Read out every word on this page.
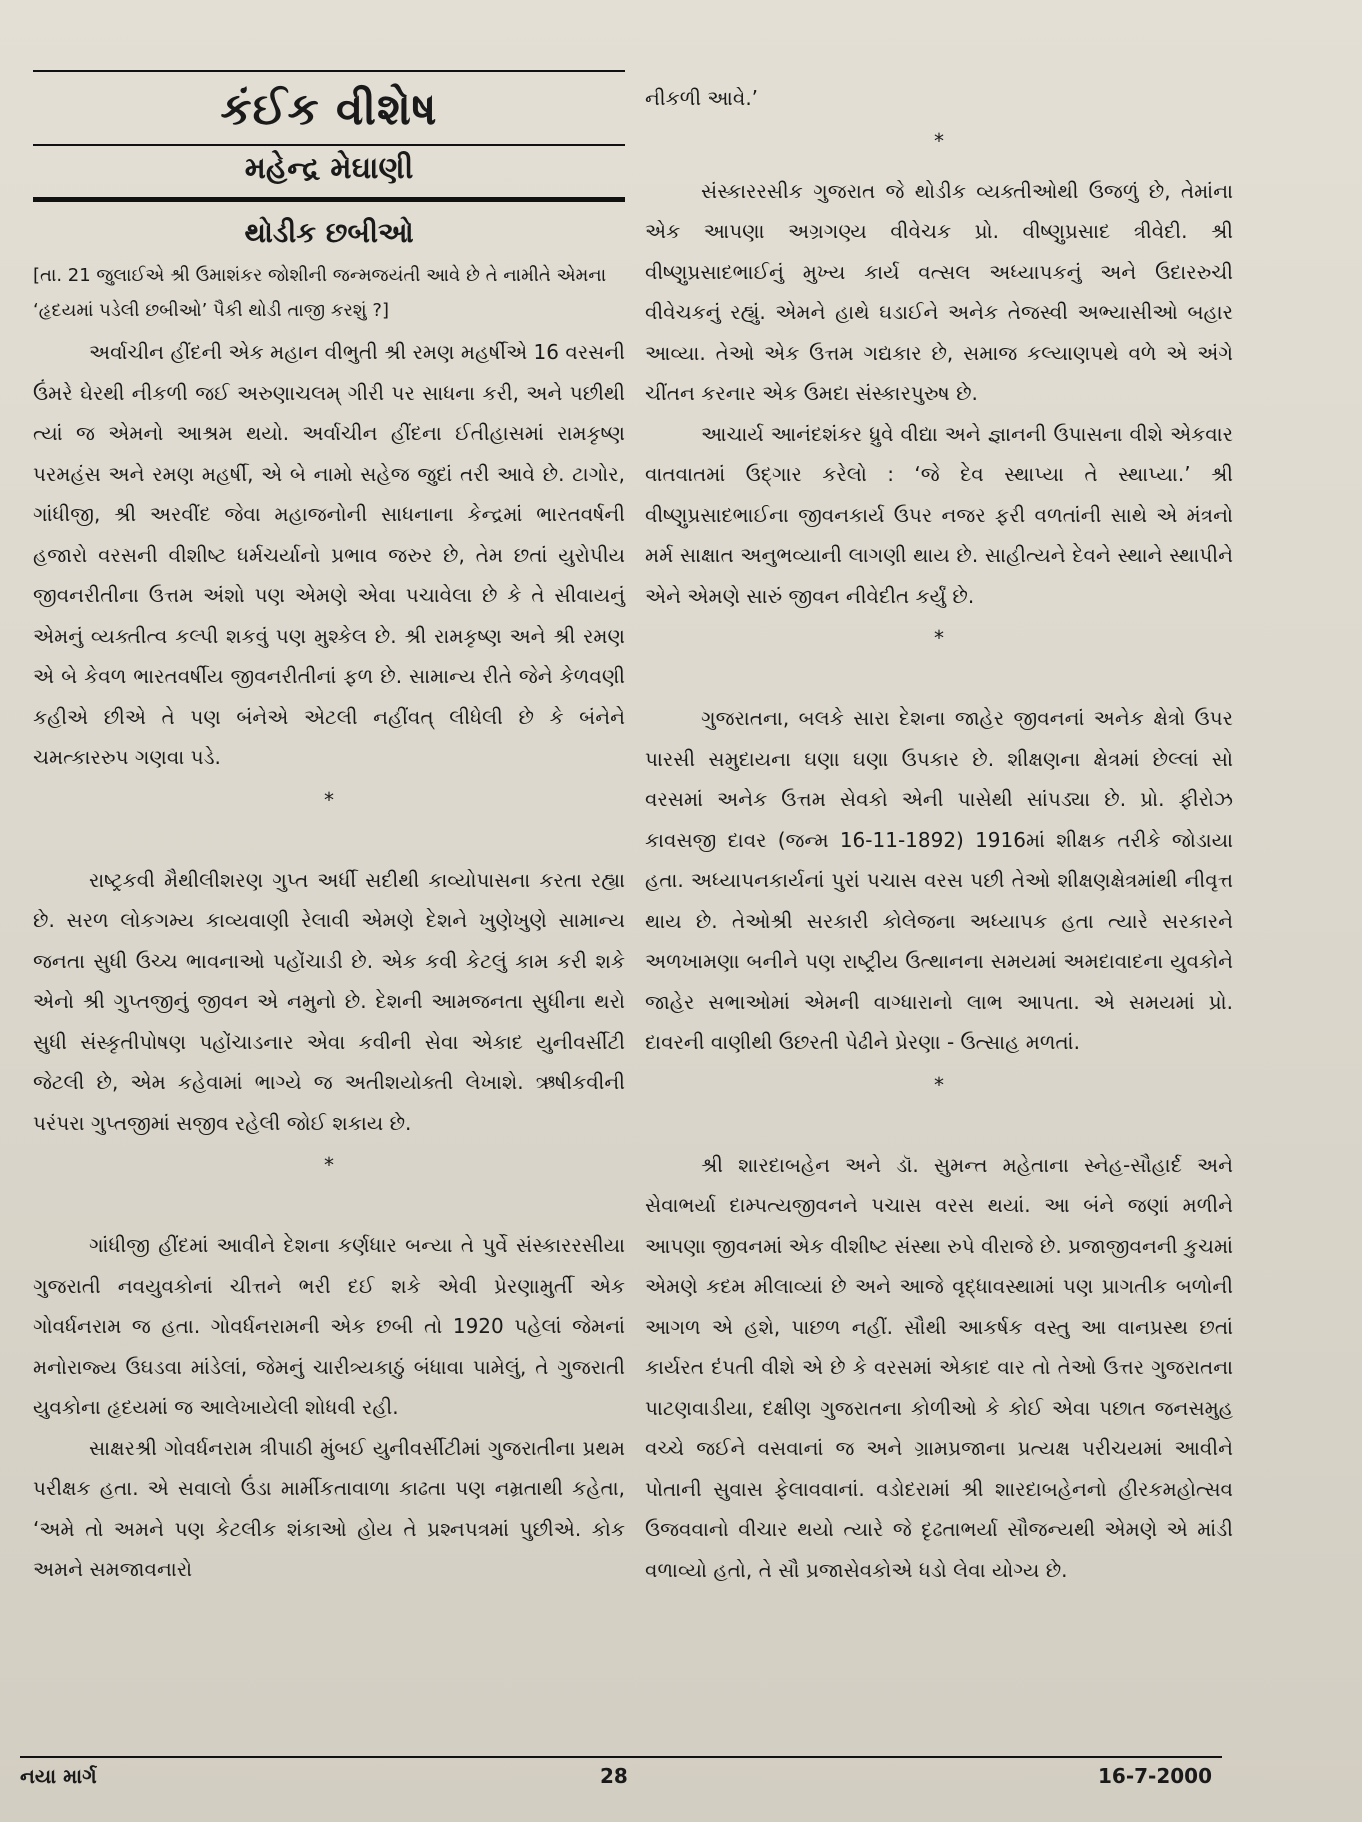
કંઈક વીશેષ
મહેન્દ્ર મેઘાણી
થોડીક છબીઓ
[તા. 21 જુલાઈએ શ્રી ઉમાશંકર જોશીની જન્મજયંતી આવે છે તે નામીતે એમના ‘હૃદયમાં પડેલી છબીઓ’ પૈકી થોડી તાજી કરશું ?]

અર્વાચીન હીંદની એક મહાન વીભુતી શ્રી રમણ મહર્ષીએ 16 વરસની ઉંમરે ઘેરથી નીકળી જઈ અરુણાચલમ્ ગીરી પર સાધના કરી, અને પછીથી ત્યાં જ એમનો આશ્રમ થયો. અર્વાચીન હીંદના ઈતીહાસમાં રામકૃષ્ણ પરમહંસ અને રમણ મહર્ષી, એ બે નામો સહેજ જુદાં તરી આવે છે. ટાગોર, ગાંધીજી, શ્રી અરવીંદ જેવા મહાજનોની સાધનાના કેન્દ્રમાં ભારતવર્ષની હજારો વરસની વીશીષ્ટ ધર્મચર્યાનો પ્રભાવ જરુર છે, તેમ છતાં યુરોપીય જીવનરીતીના ઉત્તમ અંશો પણ એમણે એવા પચાવેલા છે કે તે સીવાયનું એમનું વ્યક્તીત્વ કલ્પી શકવું પણ મુશ્કેલ છે. શ્રી રામકૃષ્ણ અને શ્રી રમણ એ બે કેવળ ભારતવર્ષીય જીવનરીતીનાં ફળ છે. સામાન્ય રીતે જેને કેળવણી કહીએ છીએ તે પણ બંનેએ એટલી નહીંવત્ લીધેલી છે કે બંનેને ચમત્કારરુપ ગણવા પડે.

*

રાષ્ટ્રકવી મૈથીલીશરણ ગુપ્ત અર્ધી સદીથી કાવ્યોપાસના કરતા રહ્યા છે. સરળ લોકગમ્ય કાવ્યવાણી રેલાવી એમણે દેશને ખુણેખુણે સામાન્ય જનતા સુધી ઉચ્ચ ભાવનાઓ પહોંચાડી છે. એક કવી કેટલું કામ કરી શકે એનો શ્રી ગુપ્તજીનું જીવન એ નમુનો છે. દેશની આમજનતા સુધીના થરો સુધી સંસ્કૃતીપોષણ પહોંચાડનાર એવા કવીની સેવા એકાદ યુનીવર્સીટી જેટલી છે, એમ કહેવામાં ભાગ્યે જ અતીશયોક્તી લેખાશે. ઋષીકવીની પરંપરા ગુપ્તજીમાં સજીવ રહેલી જોઈ શકાય છે.

*

ગાંધીજી હીંદમાં આવીને દેશના કર્ણધાર બન્યા તે પુર્વે સંસ્કારરસીયા ગુજરાતી નવયુવકોનાં ચીત્તને ભરી દઈ શકે એવી પ્રેરણામુર્તી એક ગોવર્ધનરામ જ હતા. ગોવર્ધનરામની એક છબી તો 1920 પહેલાં જેમનાં મનોરાજ્ય ઉઘડવા માંડેલાં, જેમનું ચારીત્ર્યકાઠું બંધાવા પામેલું, તે ગુજરાતી યુવકોના હૃદયમાં જ આલેખાયેલી શોધવી રહી.

સાક્ષરશ્રી ગોવર્ધનરામ ત્રીપાઠી મુંબઈ યુનીવર્સીટીમાં ગુજરાતીના પ્રથમ પરીક્ષક હતા. એ સવાલો ઉંડા માર્મીકતાવાળા કાઢતા પણ નમ્રતાથી કહેતા, ‘અમે તો અમને પણ કેટલીક શંકાઓ હોય તે પ્રશ્નપત્રમાં પુછીએ. કોક અમને સમજાવનારો

નીકળી આવે.’

*

સંસ્કારરસીક ગુજરાત જે થોડીક વ્યક્તીઓથી ઉજળું છે, તેમાંના એક આપણા અગ્રગણ્ય વીવેચક પ્રો. વીષ્ણુપ્રસાદ ત્રીવેદી. શ્રી વીષ્ણુપ્રસાદભાઈનું મુખ્ય કાર્ય વત્સલ અધ્યાપકનું અને ઉદારરુચી વીવેચકનું રહ્યું. એમને હાથે ઘડાઈને અનેક તેજસ્વી અભ્યાસીઓ બહાર આવ્યા. તેઓ એક ઉત્તમ ગદ્યકાર છે, સમાજ કલ્યાણપથે વળે એ અંગે ચીંતન કરનાર એક ઉમદા સંસ્કારપુરુષ છે.

આચાર્ય આનંદશંકર ધ્રુવે વીદ્યા અને જ્ઞાનની ઉપાસના વીશે એકવાર વાતવાતમાં ઉદ્ગાર કરેલો : ‘જે દેવ સ્થાપ્યા તે સ્થાપ્યા.’ શ્રી વીષ્ણુપ્રસાદભાઈના જીવનકાર્ય ઉપર નજર ફરી વળતાંની સાથે એ મંત્રનો મર્મ સાક્ષાત અનુભવ્યાની લાગણી થાય છે. સાહીત્યને દેવને સ્થાને સ્થાપીને એને એમણે સારું જીવન નીવેદીત કર્યું છે.

*

ગુજરાતના, બલકે સારા દેશના જાહેર જીવનનાં અનેક ક્ષેત્રો ઉપર પારસી સમુદાયના ઘણા ઘણા ઉપકાર છે. શીક્ષણના ક્ષેત્રમાં છેલ્લાં સો વરસમાં અનેક ઉત્તમ સેવકો એની પાસેથી સાંપડ્યા છે. પ્રો. ફીરોઝ કાવસજી દાવર (જન્મ 16-11-1892) 1916માં શીક્ષક તરીકે જોડાયા હતા. અધ્યાપનકાર્યનાં પુરાં પચાસ વરસ પછી તેઓ શીક્ષણક્ષેત્રમાંથી નીવૃત્ત થાય છે. તેઓશ્રી સરકારી કોલેજના અધ્યાપક હતા ત્યારે સરકારને અળખામણા બનીને પણ રાષ્ટ્રીય ઉત્થાનના સમયમાં અમદાવાદના યુવકોને જાહેર સભાઓમાં એમની વાગ્ધારાનો લાભ આપતા. એ સમયમાં પ્રો. દાવરની વાણીથી ઉછરતી પેઢીને પ્રેરણા - ઉત્સાહ મળતાં.

*

શ્રી શારદાબહેન અને ડૉ. સુમન્ત મહેતાના સ્નેહ-સૌહાર્દ અને સેવાભર્યા દામ્પત્યજીવનને પચાસ વરસ થયાં. આ બંને જણાં મળીને આપણા જીવનમાં એક વીશીષ્ટ સંસ્થા રુપે વીરાજે છે. પ્રજાજીવનની કુચમાં એમણે કદમ મીલાવ્યાં છે અને આજે વૃદ્ધાવસ્થામાં પણ પ્રાગતીક બળોની આગળ એ હશે, પાછળ નહીં. સૌથી આકર્ષક વસ્તુ આ વાનપ્રસ્થ છતાં કાર્યરત દંપતી વીશે એ છે કે વરસમાં એકાદ વાર તો તેઓ ઉત્તર ગુજરાતના પાટણવાડીયા, દક્ષીણ ગુજરાતના કોળીઓ કે કોઈ એવા પછાત જનસમુહ વચ્ચે જઈને વસવાનાં જ અને ગ્રામપ્રજાના પ્રત્યક્ષ પરીચયમાં આવીને પોતાની સુવાસ ફેલાવવાનાં. વડોદરામાં શ્રી શારદાબહેનનો હીરકમહોત્સવ ઉજવવાનો વીચાર થયો ત્યારે જે દૃઢતાભર્યા સૌજન્યથી એમણે એ માંડી વળાવ્યો હતો, તે સૌ પ્રજાસેવકોએ ધડો લેવા યોગ્ય છે.

નયા માર્ગ	28	16-7-2000
